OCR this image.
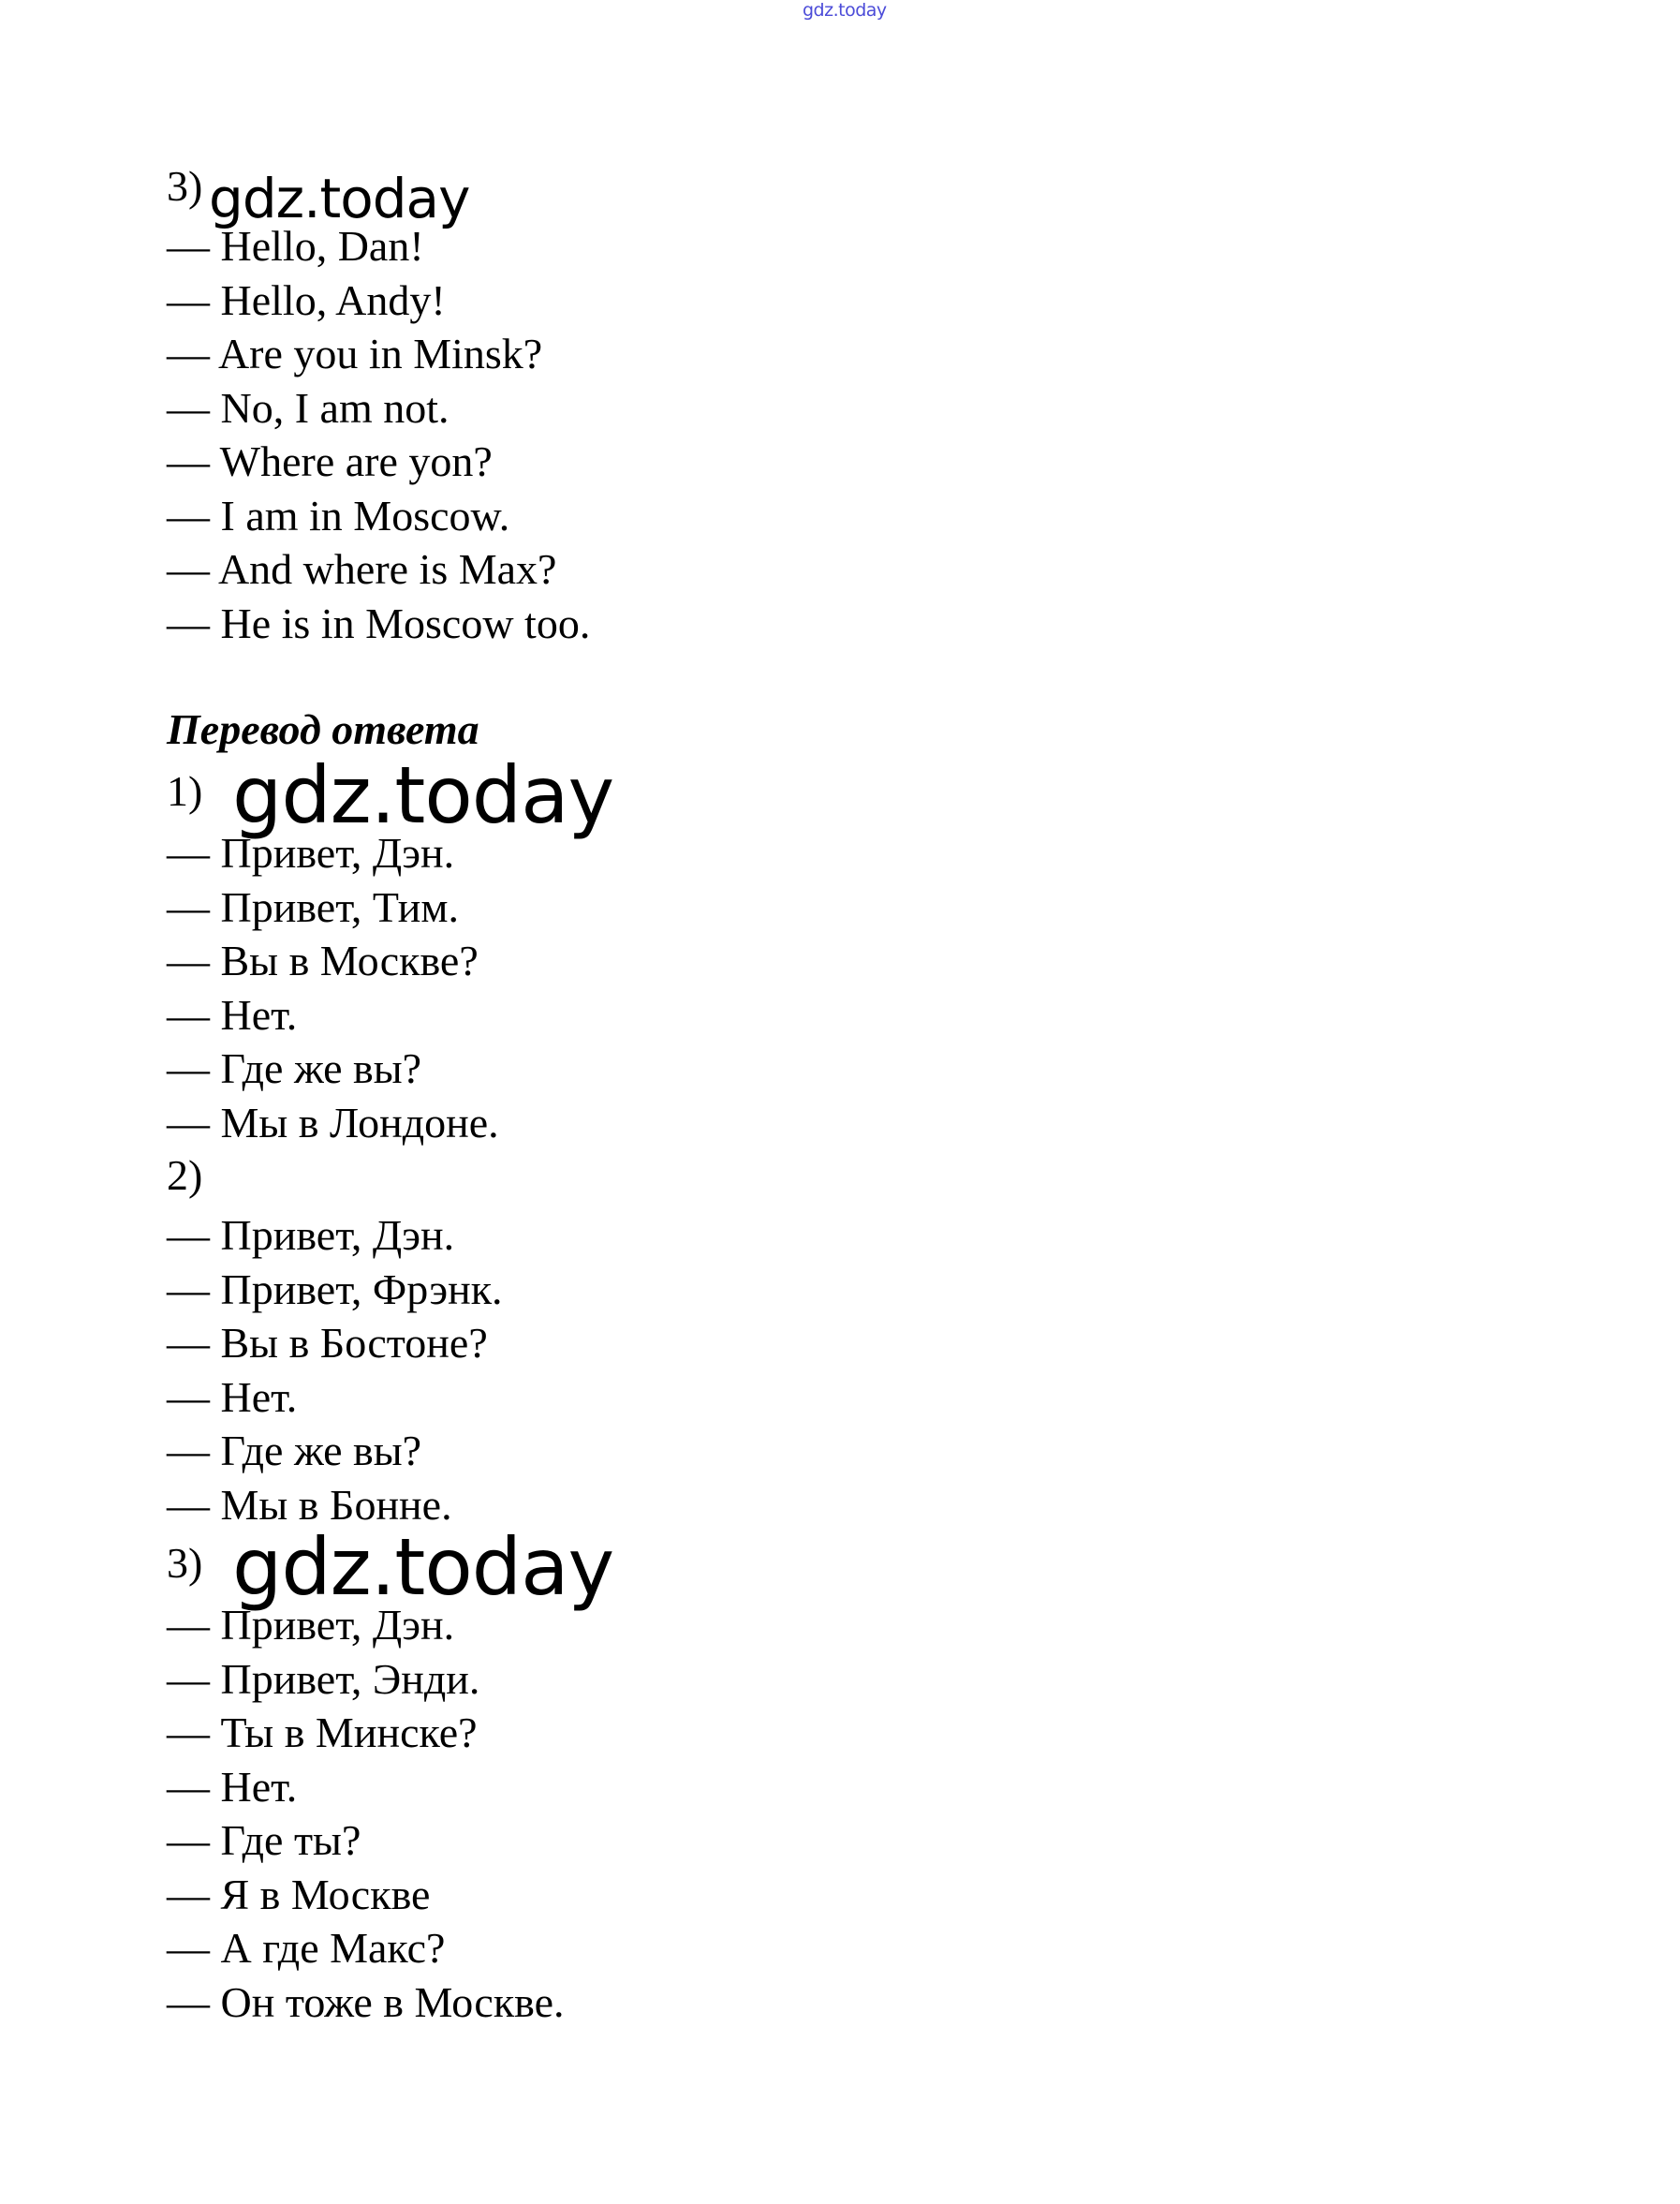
gdz.today
3) gdz.today
— Hello, Dan!
— Hello, Andy!
— Are you in Minsk?
— No, I am not.
— Where are yon?
— I am in Moscow.
— And where is Max?
— He is in Moscow too.
Перевод ответа
1) gdz.today
— Привет, Дэн.
— Привет, Тим.
— Вы в Москве?
— Нет.
— Где же вы?
— Мы в Лондоне.
2)
— Привет, Дэн.
— Привет, Фрэнк.
— Вы в Бостоне?
— Нет.
— Где же вы?
— Мы в Бонне.
3) gdz.today
— Привет, Дэн.
— Привет, Энди.
— Ты в Минске?
— Нет.
— Где ты?
— Я в Москве
— А где Макс?
— Он тоже в Москве.
